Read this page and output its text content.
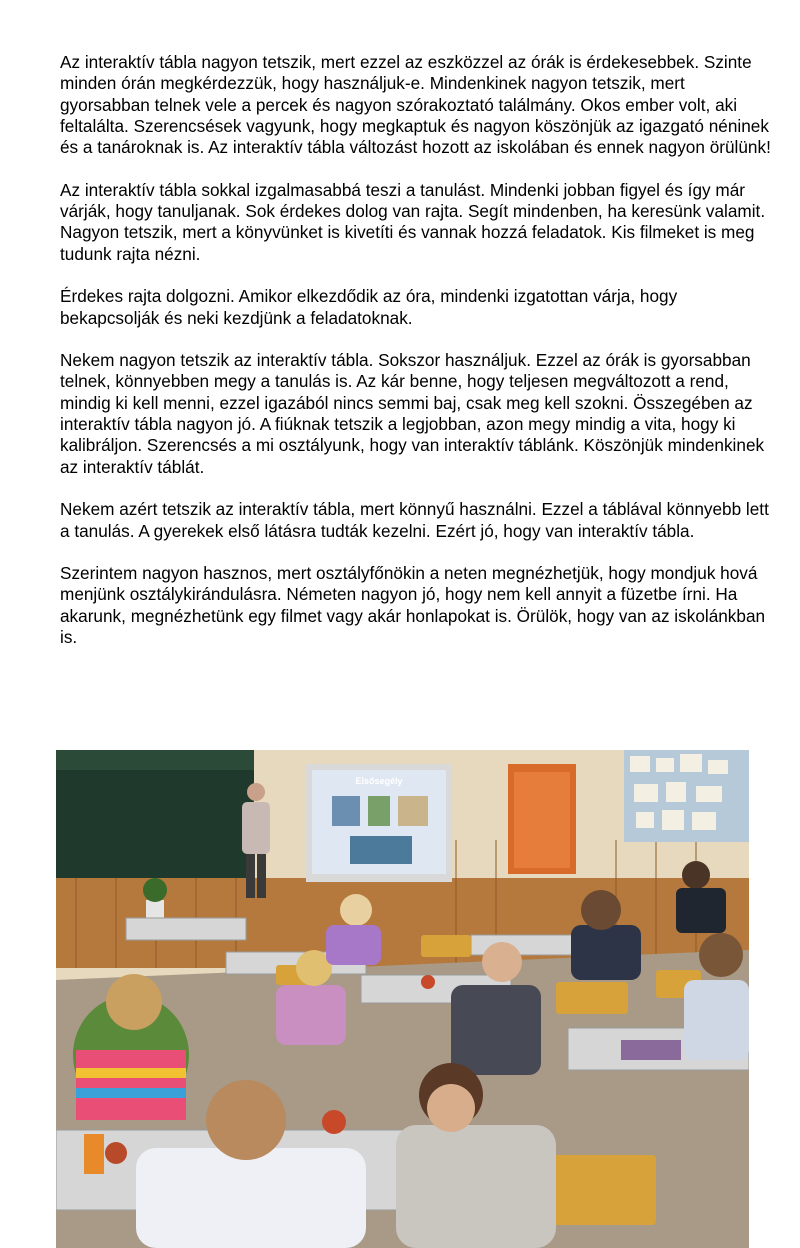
Az interaktív tábla nagyon tetszik, mert ezzel az eszközzel az órák is érdekesebbek. Szinte minden órán megkérdezzük, hogy használjuk-e. Mindenkinek nagyon tetszik, mert gyorsabban telnek vele a percek és nagyon szórakoztató találmány. Okos ember volt, aki feltalálta. Szerencsések vagyunk, hogy megkaptuk és nagyon köszönjük az igazgató néninek és a tanároknak is. Az interaktív tábla változást hozott az iskolában és ennek nagyon örülünk!

Az interaktív tábla sokkal izgalmasabbá teszi a tanulást. Mindenki jobban figyel és így már várják, hogy tanuljanak. Sok érdekes dolog van rajta. Segít mindenben, ha keresünk valamit. Nagyon tetszik, mert a könyvünket is kivetíti és vannak hozzá feladatok. Kis filmeket is meg tudunk rajta nézni.

Érdekes rajta dolgozni. Amikor elkezdődik az óra, mindenki izgatottan várja, hogy bekapcsolják és neki kezdjünk a feladatoknak.

Nekem nagyon tetszik az interaktív tábla. Sokszor használjuk. Ezzel az órák is gyorsabban telnek, könnyebben megy a tanulás is. Az kár benne, hogy teljesen megváltozott a rend, mindig ki kell menni, ezzel igazából nincs semmi baj, csak meg kell szokni. Összegében az interaktív tábla nagyon jó. A fiúknak tetszik a legjobban, azon megy mindig a vita, hogy ki kalibráljon. Szerencsés a mi osztályunk, hogy van interaktív táblánk. Köszönjük mindenkinek az interaktív táblát.

Nekem azért tetszik az interaktív tábla, mert könnyű használni. Ezzel a táblával könnyebb lett a tanulás. A gyerekek első látásra tudták kezelni. Ezért jó, hogy van interaktív tábla.

Szerintem nagyon hasznos, mert osztályfőnökin a neten megnézhetjük, hogy mondjuk hová menjünk osztálykirándulásra. Németen nagyon jó, hogy nem kell annyit a füzetbe írni. Ha akarunk, megnézhetünk egy filmet vagy akár honlapokat is. Örülök, hogy van az iskolánkban is.

Elsősegély
